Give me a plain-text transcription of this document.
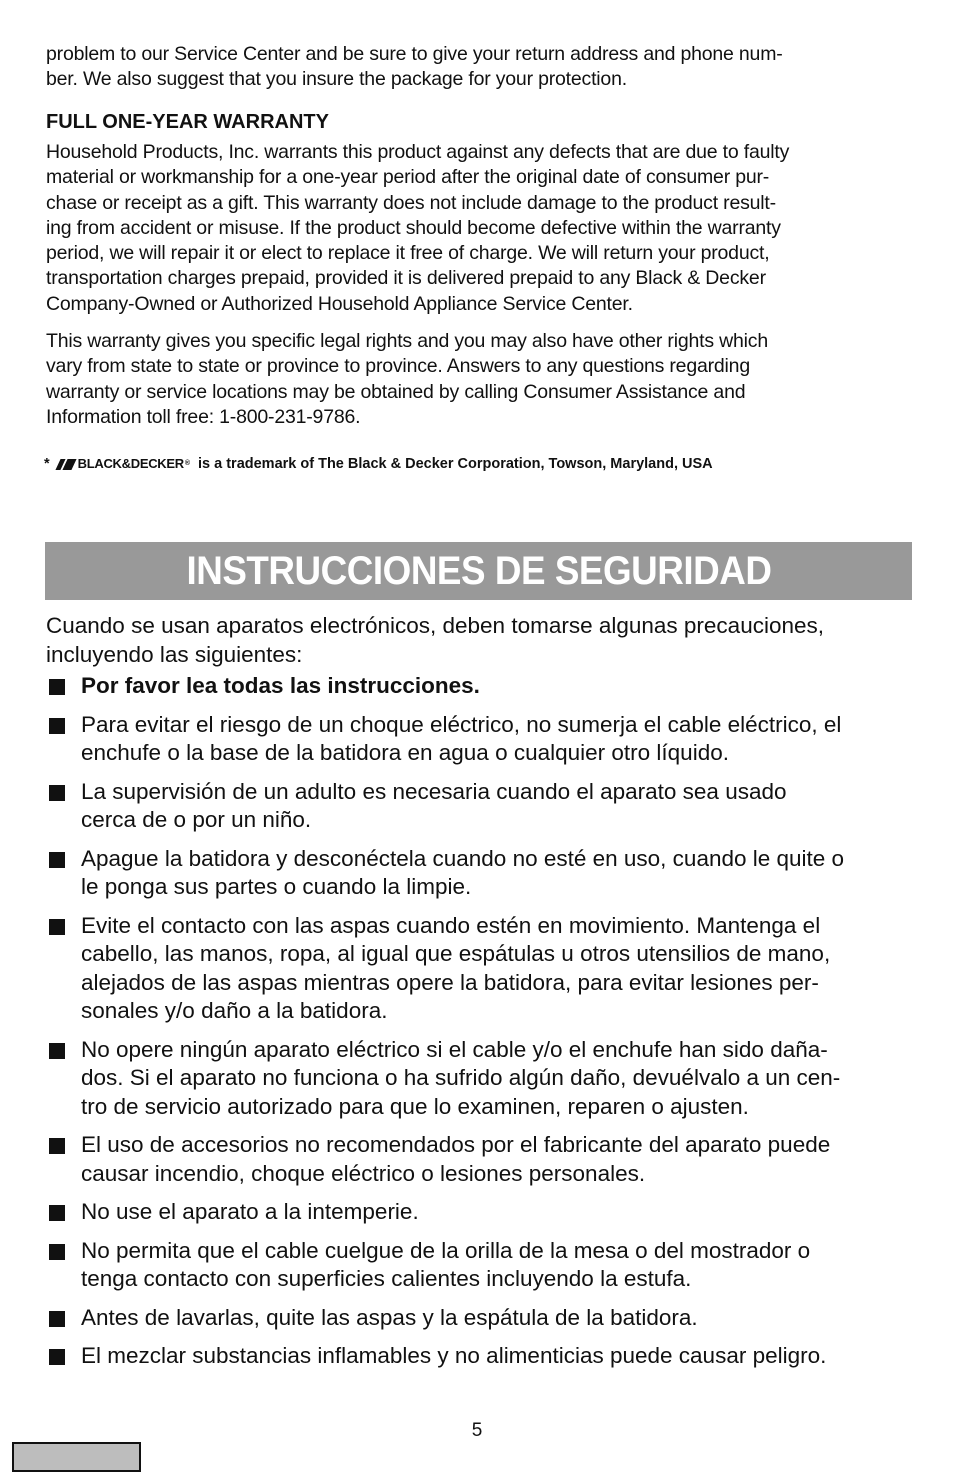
problem to our Service Center and be sure to give your return address and phone num-
ber. We also suggest that you insure the package for your protection.
FULL ONE-YEAR WARRANTY
Household Products, Inc. warrants this product against any defects that are due to faulty
material or workmanship for a one-year period after the original date of consumer pur-
chase or receipt as a gift. This warranty does not include damage to the product result-
ing from accident or misuse. If the product should become defective within the warranty
period, we will repair it or elect to replace it free of charge. We will return your product,
transportation charges prepaid, provided it is delivered prepaid to any Black & Decker
Company-Owned or Authorized Household Appliance Service Center.
This warranty gives you specific legal rights and you may also have other rights which
vary from state to state or province to province. Answers to any questions regarding
warranty or service locations may be obtained by calling Consumer Assistance and
Information toll free: 1-800-231-9786.
* BLACK&DECKER ® is a trademark of The Black & Decker Corporation, Towson, Maryland, USA
INSTRUCCIONES DE SEGURIDAD
Cuando se usan aparatos electrónicos, deben tomarse algunas precauciones,
incluyendo las siguientes:
Por favor lea todas las instrucciones.
Para evitar el riesgo de un choque eléctrico, no sumerja el cable eléctrico, el
enchufe o la base de la batidora en agua o cualquier otro líquido.
La supervisión de un adulto es necesaria cuando el aparato sea usado
cerca de o por un niño.
Apague la batidora y desconéctela cuando no esté en uso, cuando le quite o
le ponga sus partes o cuando la limpie.
Evite el contacto con las aspas cuando estén en movimiento. Mantenga el
cabello, las manos, ropa, al igual que espátulas u otros utensilios de mano,
alejados de las aspas mientras opere la batidora, para evitar lesiones per-
sonales y/o daño a la batidora.
No opere ningún aparato eléctrico si el cable y/o el enchufe han sido daña-
dos. Si el aparato no funciona o ha sufrido algún daño, devuélvalo a un cen-
tro de servicio autorizado para que lo examinen, reparen o ajusten.
El uso de accesorios no recomendados por el fabricante del aparato puede
causar incendio, choque eléctrico o lesiones personales.
No use el aparato a la intemperie.
No permita que el cable cuelgue de la orilla de la mesa o del mostrador o
tenga contacto con superficies calientes incluyendo la estufa.
Antes de lavarlas, quite las aspas y la espátula de la batidora.
El mezclar substancias inflamables y no alimenticias puede causar peligro.
5
